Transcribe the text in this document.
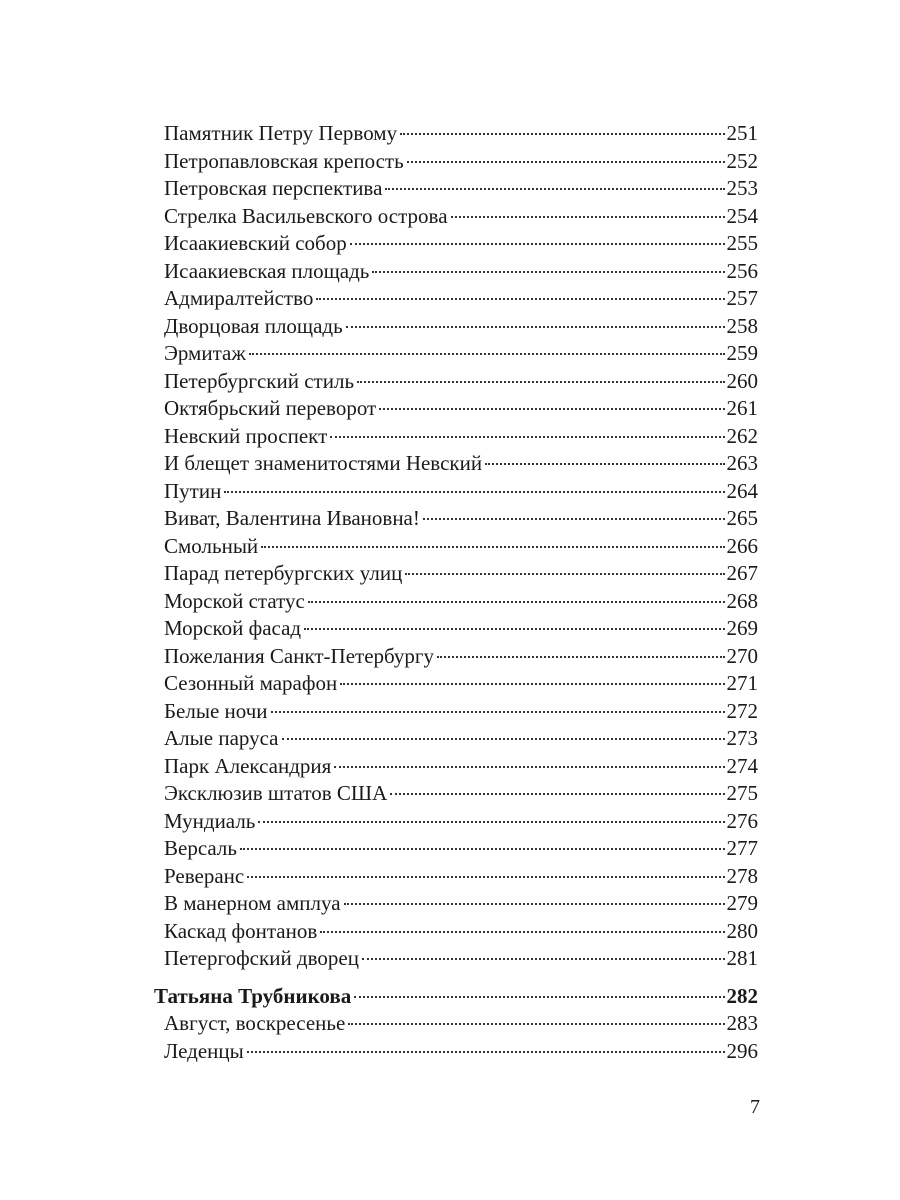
Памятник Петру Первому	251
Петропавловская крепость	252
Петровская перспектива	253
Стрелка Васильевского острова	254
Исаакиевский собор	255
Исаакиевская площадь	256
Адмиралтейство	257
Дворцовая площадь	258
Эрмитаж	259
Петербургский стиль	260
Октябрьский переворот	261
Невский проспект	262
И блещет знаменитостями Невский	263
Путин	264
Виват, Валентина Ивановна!	265
Смольный	266
Парад петербургских улиц	267
Морской статус	268
Морской фасад	269
Пожелания Санкт-Петербургу	270
Сезонный марафон	271
Белые ночи	272
Алые паруса	273
Парк Александрия	274
Эксклюзив штатов США	275
Мундиаль	276
Версаль	277
Реверанс	278
В манерном амплуа	279
Каскад фонтанов	280
Петергофский дворец	281
Татьяна Трубникова	282
Август, воскресенье	283
Леденцы	296
7
